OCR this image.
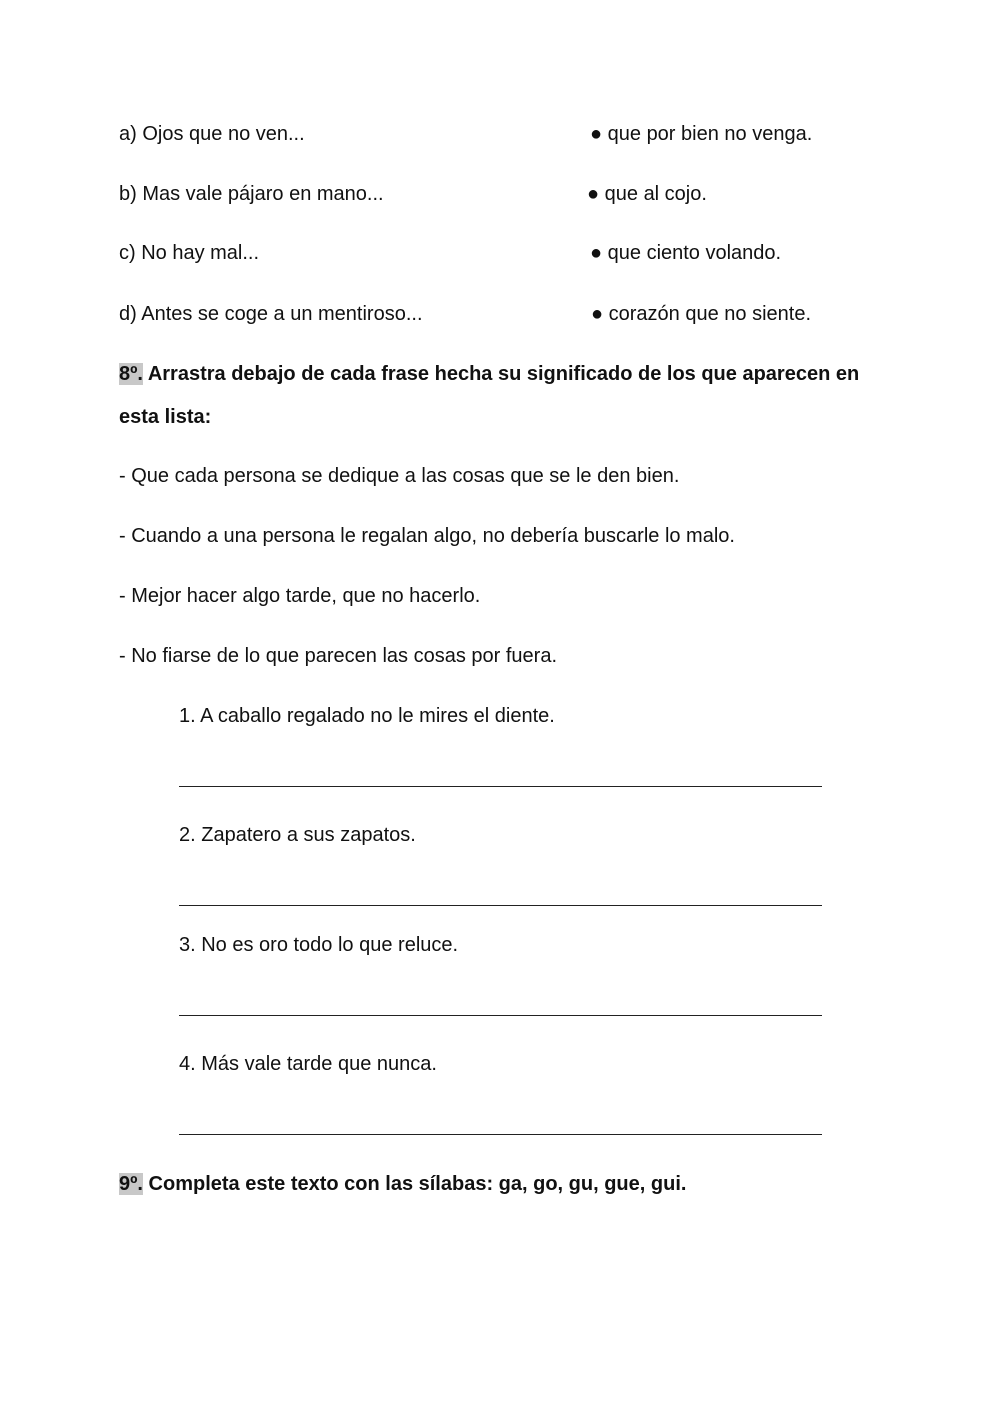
a) Ojos que no ven...	● que por bien no venga.
b) Mas vale pájaro en mano...	● que al cojo.
c) No hay mal...	● que ciento volando.
d) Antes se coge a un mentiroso...	● corazón que no siente.
8º. Arrastra debajo de cada frase hecha su significado de los que aparecen en
esta lista:
- Que cada persona se dedique a las cosas que se le den bien.
- Cuando a una persona le regalan algo, no debería buscarle lo malo.
- Mejor hacer algo tarde, que no hacerlo.
- No fiarse de lo que parecen las cosas por fuera.
1. A caballo regalado no le mires el diente.
2. Zapatero a sus zapatos.
3. No es oro todo lo que reluce.
4. Más vale tarde que nunca.
9º. Completa este texto con las sílabas: ga, go, gu, gue, gui.
